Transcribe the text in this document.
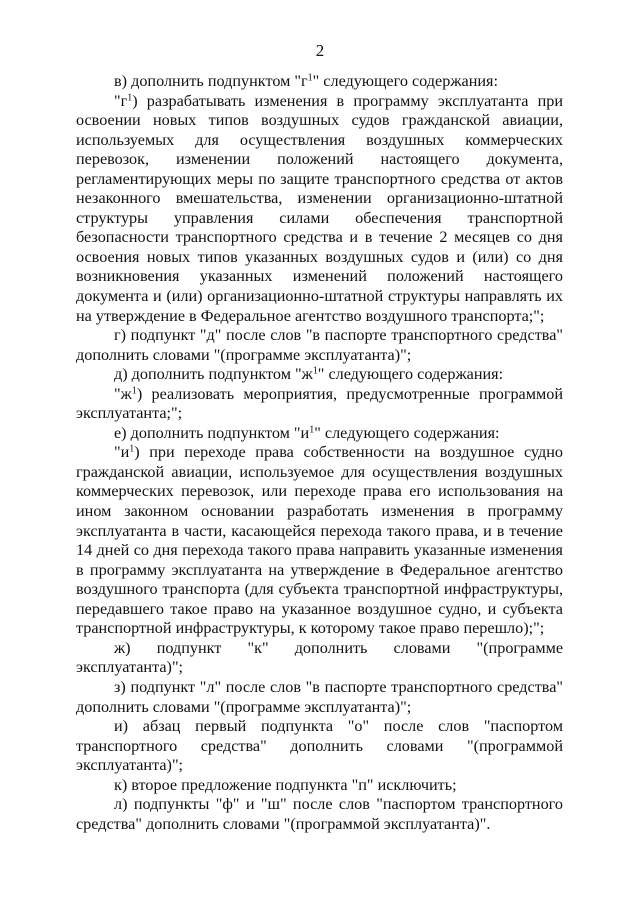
2

в) дополнить подпунктом "$г^1$" следующего содержания:

"$г^1$) разрабатывать изменения в программу эксплуатанта при освоении новых типов воздушных судов гражданской авиации, используемых для осуществления воздушных коммерческих перевозок, изменении положений настоящего документа, регламентирующих меры по защите транспортного средства от актов незаконного вмешательства, изменении организационно-штатной структуры управления силами обеспечения транспортной безопасности транспортного средства и в течение 2 месяцев со дня освоения новых типов указанных воздушных судов и (или) со дня возникновения указанных изменений положений настоящего документа и (или) организационно-штатной структуры направлять их на утверждение в Федеральное агентство воздушного транспорта;";

г) подпункт "д" после слов "в паспорте транспортного средства" дополнить словами "(программе эксплуатанта)";

д) дополнить подпунктом "$ж^1$" следующего содержания:

"$ж^1$) реализовать мероприятия, предусмотренные программой эксплуатанта;";

е) дополнить подпунктом "$и^1$" следующего содержания:

"$и^1$) при переходе права собственности на воздушное судно гражданской авиации, используемое для осуществления воздушных коммерческих перевозок, или переходе права его использования на ином законном основании разработать изменения в программу эксплуатанта в части, касающейся перехода такого права, и в течение 14 дней со дня перехода такого права направить указанные изменения в программу эксплуатанта на утверждение в Федеральное агентство воздушного транспорта (для субъекта транспортной инфраструктуры, передавшего такое право на указанное воздушное судно, и субъекта транспортной инфраструктуры, к которому такое право перешло);";

ж) подпункт "к" дополнить словами "(программе эксплуатанта)";

з) подпункт "л" после слов "в паспорте транспортного средства" дополнить словами "(программе эксплуатанта)";

и) абзац первый подпункта "о" после слов "паспортом транспортного средства" дополнить словами "(программой эксплуатанта)";

к) второе предложение подпункта "п" исключить;

л) подпункты "ф" и "ш" после слов "паспортом транспортного средства" дополнить словами "(программой эксплуатанта)".
